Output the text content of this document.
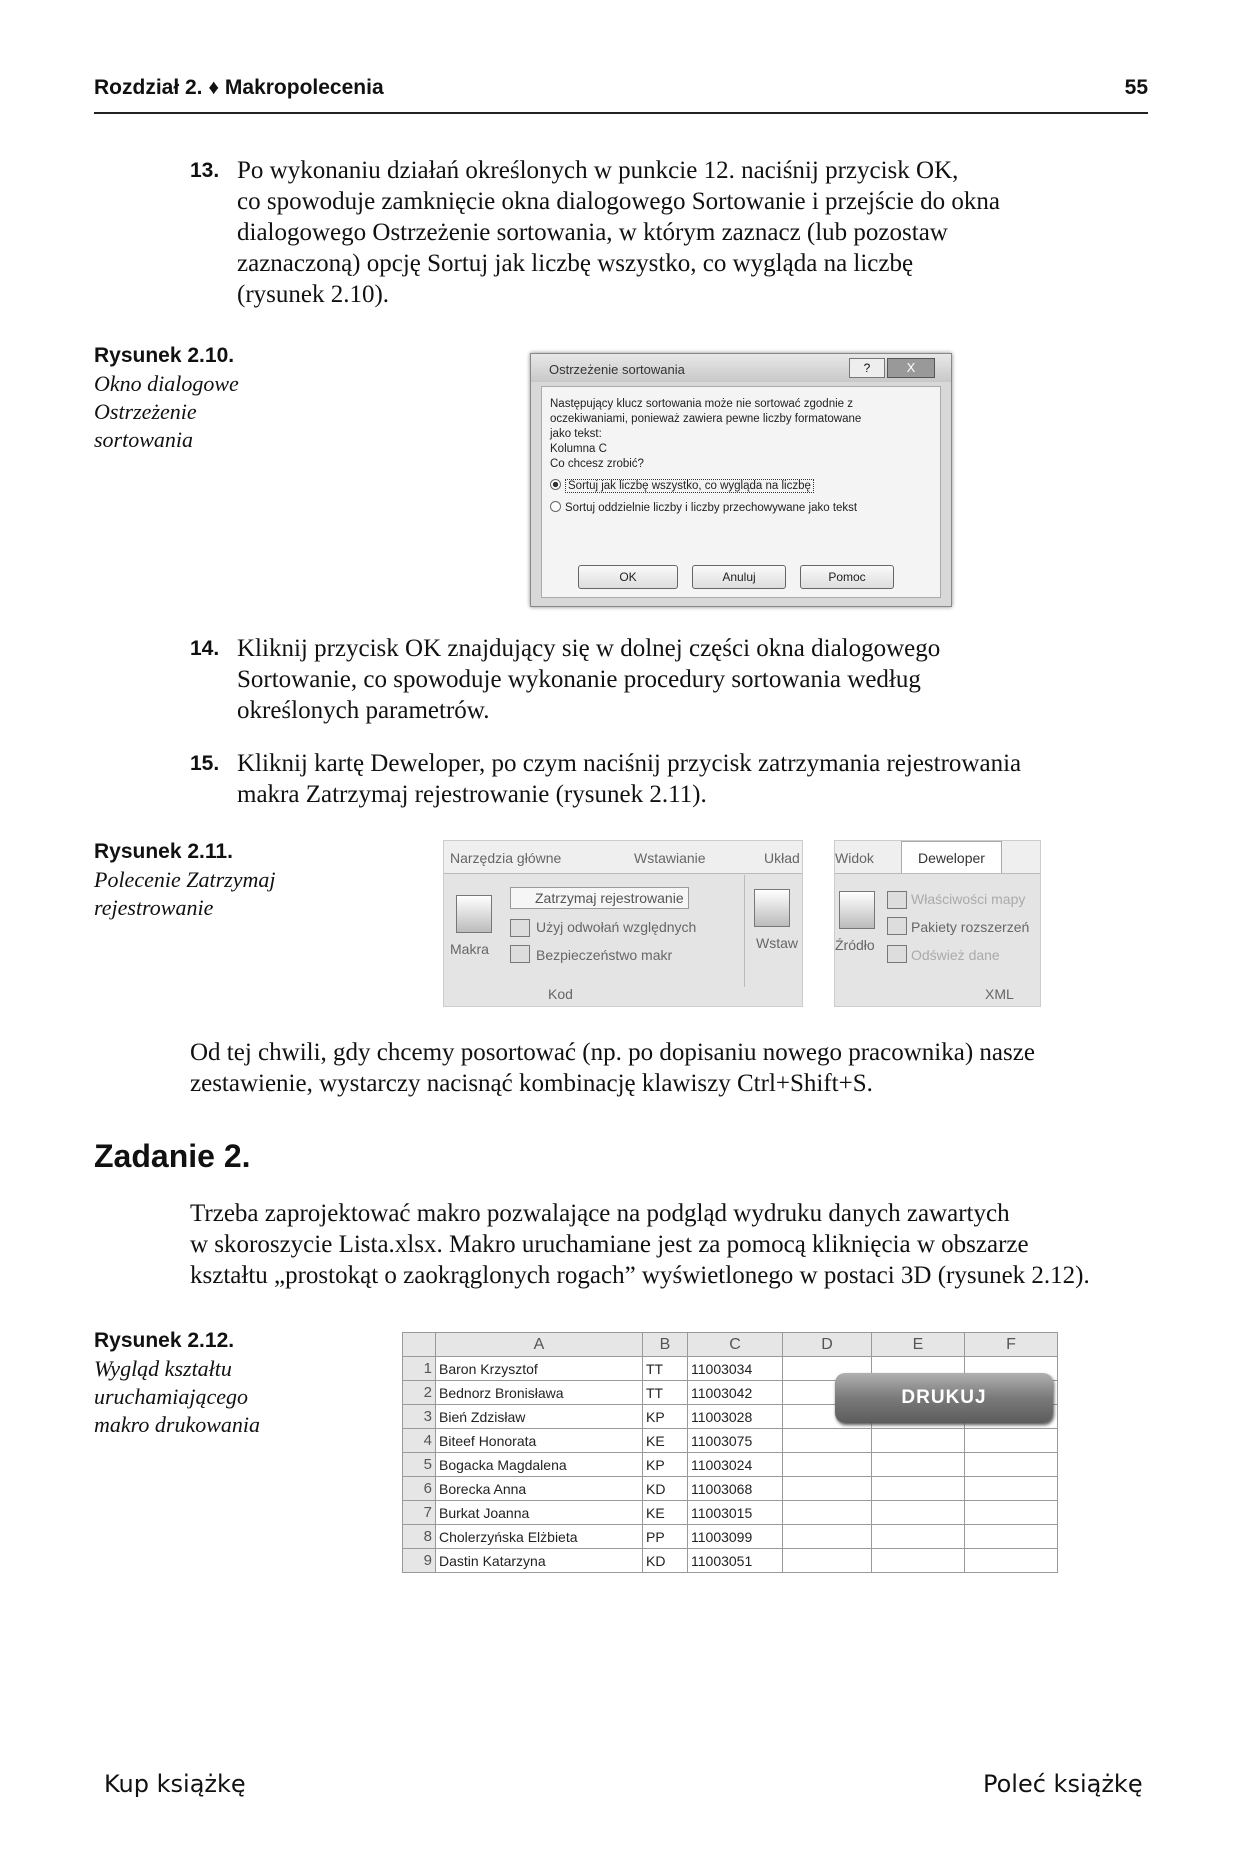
Rozdział 2. ♦ Makropolecenia	55
13. Po wykonaniu działań określonych w punkcie 12. naciśnij przycisk OK,
co spowoduje zamknięcie okna dialogowego Sortowanie i przejście do okna
dialogowego Ostrzeżenie sortowania, w którym zaznacz (lub pozostaw
zaznaczoną) opcję Sortuj jak liczbę wszystko, co wygląda na liczbę
(rysunek 2.10).
Rysunek 2.10.
Okno dialogowe
Ostrzeżenie
sortowania
Ostrzeżenie sortowania	?	X
Następujący klucz sortowania może nie sortować zgodnie z
oczekiwaniami, ponieważ zawiera pewne liczby formatowane
jako tekst:
Kolumna C
Co chcesz zrobić?
Sortuj jak liczbę wszystko, co wygląda na liczbę
Sortuj oddzielnie liczby i liczby przechowywane jako tekst
OK	Anuluj	Pomoc
14. Kliknij przycisk OK znajdujący się w dolnej części okna dialogowego
Sortowanie, co spowoduje wykonanie procedury sortowania według
określonych parametrów.
15. Kliknij kartę Deweloper, po czym naciśnij przycisk zatrzymania rejestrowania
makra Zatrzymaj rejestrowanie (rysunek 2.11).
Rysunek 2.11.
Polecenie Zatrzymaj
rejestrowanie
Narzędzia główne	Wstawianie	Układ
Makra
Zatrzymaj rejestrowanie
Użyj odwołań względnych
Bezpieczeństwo makr
Wstaw
Kod
Widok	Deweloper
Źródło
Właściwości mapy
Pakiety rozszerzeń
Odśwież dane
XML
Od tej chwili, gdy chcemy posortować (np. po dopisaniu nowego pracownika) nasze
zestawienie, wystarczy nacisnąć kombinację klawiszy Ctrl+Shift+S.
Zadanie 2.
Trzeba zaprojektować makro pozwalające na podgląd wydruku danych zawartych
w skoroszycie Lista.xlsx. Makro uruchamiane jest za pomocą kliknięcia w obszarze
kształtu „prostokąt o zaokrąglonych rogach” wyświetlonego w postaci 3D (rysunek 2.12).
Rysunek 2.12.
Wygląd kształtu
uruchamiającego
makro drukowania
	A	B	C	D	E	F
1	Baron Krzysztof	TT	11003034			
2	Bednorz Bronisława	TT	11003042			
3	Bień Zdzisław	KP	11003028			
4	Biteef Honorata	KE	11003075			
5	Bogacka Magdalena	KP	11003024			
6	Borecka Anna	KD	11003068			
7	Burkat Joanna	KE	11003015			
8	Cholerzyńska Elżbieta	PP	11003099			
9	Dastin Katarzyna	KD	11003051			
DRUKUJ
Kup książkę	Poleć książkę
